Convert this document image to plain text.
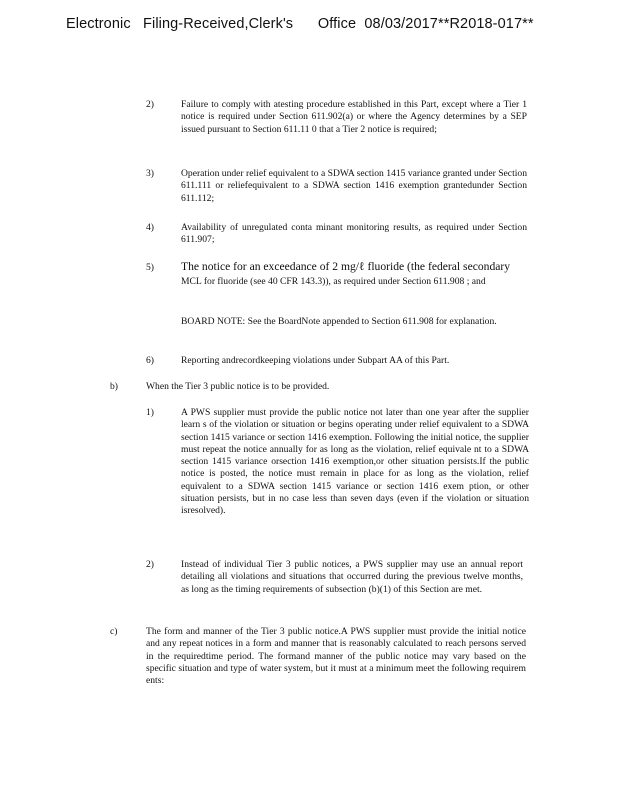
Electronic   Filing-Received,Clerk's      Office  08/03/2017**R2018-017**
2)	Failure to comply with atesting procedure established in this Part, except where a Tier 1 notice is required under Section 611.902(a) or where the Agency determines by a SEP issued pursuant to Section 611.11 0 that a Tier 2 notice is required;
3)	Operation under relief equivalent to a SDWA section 1415 variance granted under Section 611.111 or reliefequivalent to a SDWA section 1416 exemption grantedunder Section 611.112;
4)	Availability of unregulated conta minant monitoring results, as required under Section 611.907;
5) The notice for an exceedance of 2 mg/ℓ fluoride (the federal secondary
MCL for fluoride (see 40 CFR 143.3)), as required under Section 611.908 ; and
BOARD NOTE: See the BoardNote appended to Section 611.908 for explanation.
6)	Reporting andrecordkeeping violations under Subpart AA of this Part.
b)	When the Tier 3 public notice is to be provided.
1)	A PWS supplier must provide the public notice not later than one year after the supplier learn s of the violation or situation or begins operating under relief equivalent to a SDWA section 1415 variance or section 1416 exemption. Following the initial notice, the supplier must repeat the notice annually for as long as the violation, relief equivale nt to a SDWA section 1415 variance orsection 1416 exemption,or other situation persists.If the public notice is posted, the notice must remain in place for as long as the violation, relief equivalent to a SDWA section 1415 variance or section 1416 exem ption, or other situation persists, but in no case less than seven days (even if the violation or situation isresolved).
2)	Instead of individual Tier 3 public notices, a PWS supplier may use an annual report detailing all violations and situations that occurred during the previous twelve months, as long as the timing requirements of subsection (b)(1) of this Section are met.
c)	The form and manner of the Tier 3 public notice.A PWS supplier must provide the initial notice and any repeat notices in a form and manner that is reasonably calculated to reach persons served in the requiredtime period. The formand manner of the public notice may vary based on the specific situation and type of water system, but it must at a minimum meet the following requirem ents:
